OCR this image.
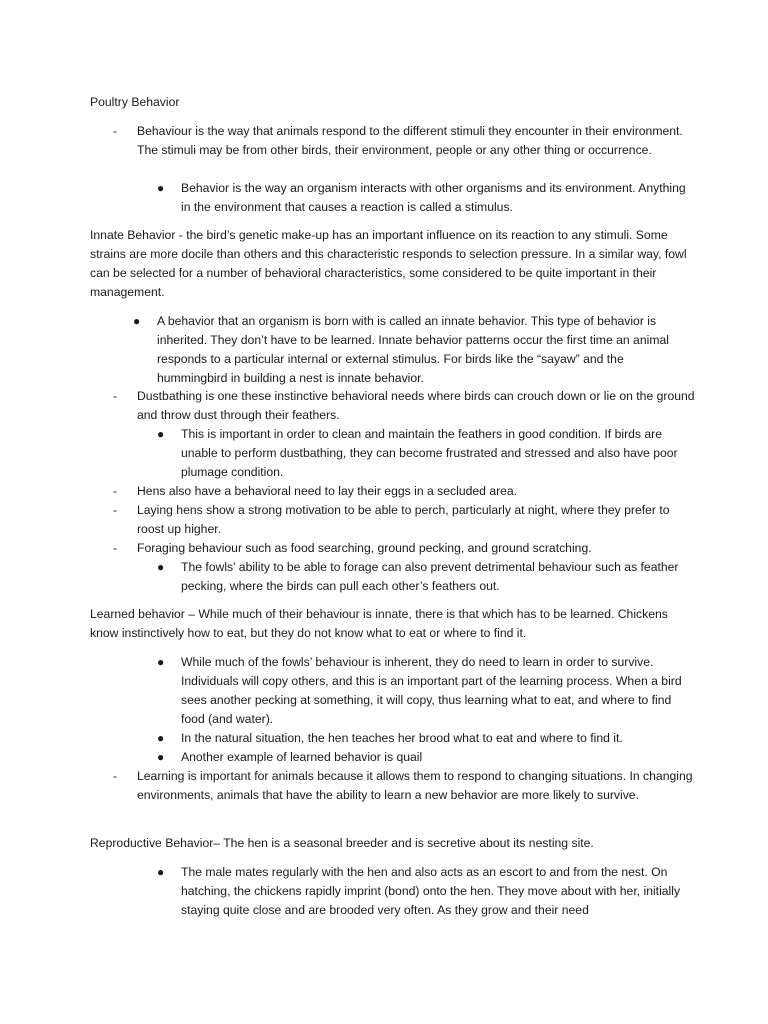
Poultry Behavior

- Behaviour is the way that animals respond to the different stimuli they encounter in their environment. The stimuli may be from other birds, their environment, people or any other thing or occurrence.
● Behavior is the way an organism interacts with other organisms and its environment. Anything in the environment that causes a reaction is called a stimulus.

Innate Behavior - the bird’s genetic make-up has an important influence on its reaction to any stimuli. Some strains are more docile than others and this characteristic responds to selection pressure. In a similar way, fowl can be selected for a number of behavioral characteristics, some considered to be quite important in their management.

● A behavior that an organism is born with is called an innate behavior. This type of behavior is inherited. They don’t have to be learned. Innate behavior patterns occur the first time an animal responds to a particular internal or external stimulus. For birds like the “sayaw” and the hummingbird in building a nest is innate behavior.
- Dustbathing is one these instinctive behavioral needs where birds can crouch down or lie on the ground and throw dust through their feathers.
● This is important in order to clean and maintain the feathers in good condition. If birds are unable to perform dustbathing, they can become frustrated and stressed and also have poor plumage condition.
- Hens also have a behavioral need to lay their eggs in a secluded area.
- Laying hens show a strong motivation to be able to perch, particularly at night, where they prefer to roost up higher.
- Foraging behaviour such as food searching, ground pecking, and ground scratching.
● The fowls’ ability to be able to forage can also prevent detrimental behaviour such as feather pecking, where the birds can pull each other’s feathers out.

Learned behavior – While much of their behaviour is innate, there is that which has to be learned. Chickens know instinctively how to eat, but they do not know what to eat or where to find it.

● While much of the fowls’ behaviour is inherent, they do need to learn in order to survive. Individuals will copy others, and this is an important part of the learning process. When a bird sees another pecking at something, it will copy, thus learning what to eat, and where to find food (and water).
● In the natural situation, the hen teaches her brood what to eat and where to find it.
● Another example of learned behavior is quail
- Learning is important for animals because it allows them to respond to changing situations. In changing environments, animals that have the ability to learn a new behavior are more likely to survive.

Reproductive Behavior– The hen is a seasonal breeder and is secretive about its nesting site.

● The male mates regularly with the hen and also acts as an escort to and from the nest. On hatching, the chickens rapidly imprint (bond) onto the hen. They move about with her, initially staying quite close and are brooded very often. As they grow and their need
